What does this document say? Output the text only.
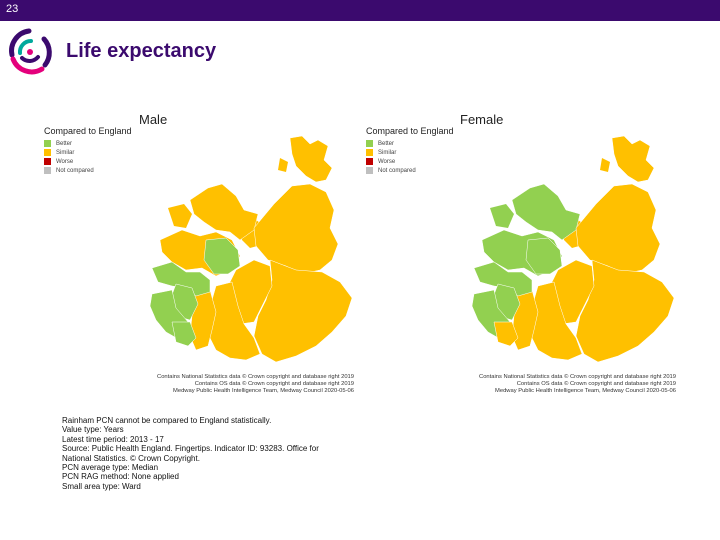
23
Life expectancy
Male
Compared to England
Better
Similar
Worse
Not compared
Contains National Statistics data © Crown copyright and database right 2019
Contains OS data © Crown copyright and database right 2019
Medway Public Health Intelligence Team, Medway Council 2020-05-06
Female
Compared to England
Better
Similar
Worse
Not compared
Contains National Statistics data © Crown copyright and database right 2019
Contains OS data © Crown copyright and database right 2019
Medway Public Health Intelligence Team, Medway Council 2020-05-06
Rainham PCN cannot be compared to England statistically.
Value type: Years
Latest time period: 2013 - 17
Source: Public Health England. Fingertips. Indicator ID: 93283. Office for
National Statistics. © Crown Copyright.
PCN average type: Median
PCN RAG method: None applied
Small area type: Ward
